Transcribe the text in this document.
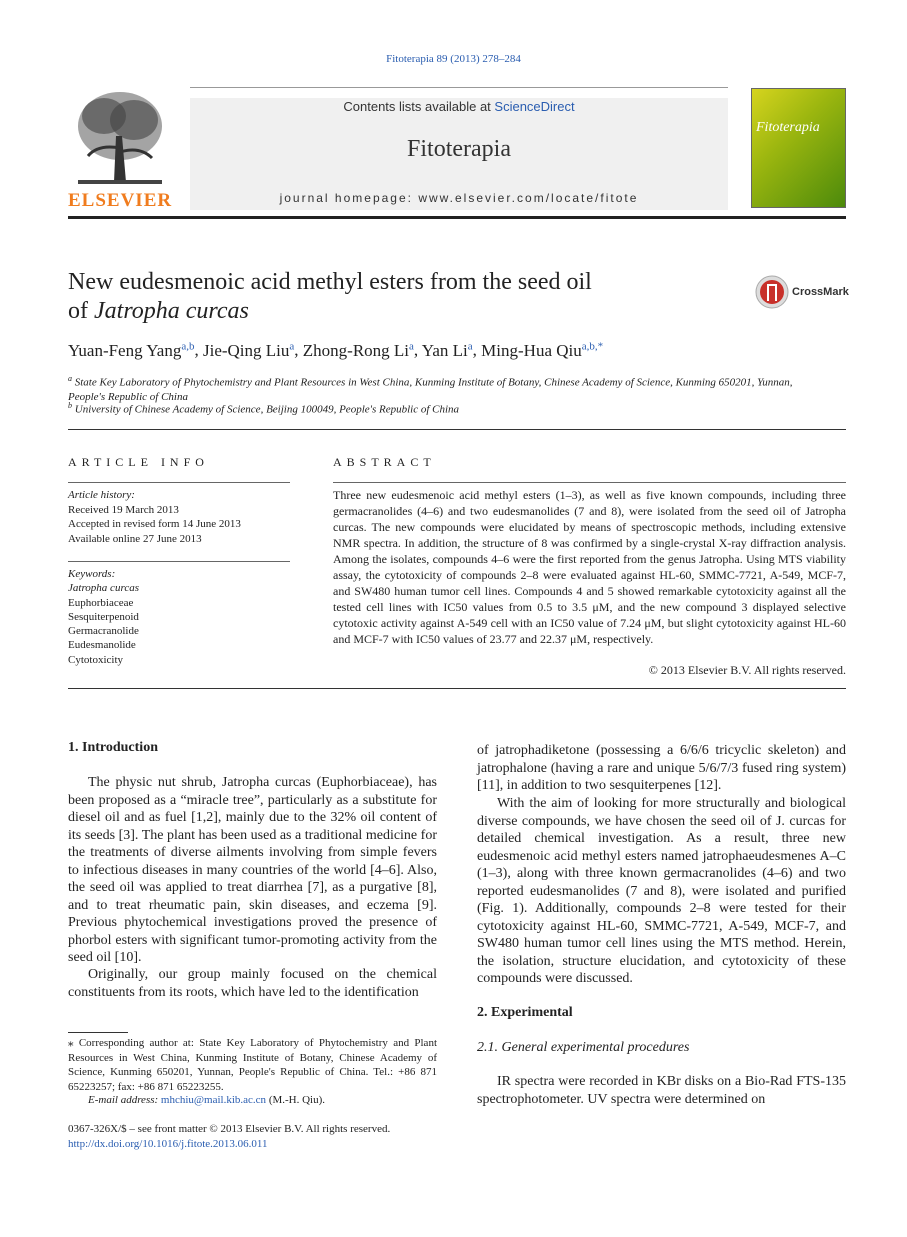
Fitoterapia 89 (2013) 278–284
ELSEVIER
Contents lists available at ScienceDirect
Fitoterapia
journal homepage: www.elsevier.com/locate/fitote
Fitoterapia
New eudesmenoic acid methyl esters from the seed oil
of Jatropha curcas
CrossMark
Yuan-Feng Yang$^{a,b}$, Jie-Qing Liu$^a$, Zhong-Rong Li$^a$, Yan Li$^a$, Ming-Hua Qiu$^{a,b,*}$
$^a$ State Key Laboratory of Phytochemistry and Plant Resources in West China, Kunming Institute of Botany, Chinese Academy of Science, Kunming 650201, Yunnan, People's Republic of China
$^b$ University of Chinese Academy of Science, Beijing 100049, People's Republic of China
ARTICLE INFO
Article history:
Received 19 March 2013
Accepted in revised form 14 June 2013
Available online 27 June 2013
Keywords:
Jatropha curcas
Euphorbiaceae
Sesquiterpenoid
Germacranolide
Eudesmanolide
Cytotoxicity
ABSTRACT
Three new eudesmenoic acid methyl esters (1–3), as well as five known compounds, including three germacranolides (4–6) and two eudesmanolides (7 and 8), were isolated from the seed oil of Jatropha curcas. The new compounds were elucidated by means of spectroscopic methods, including extensive NMR spectra. In addition, the structure of 8 was confirmed by a single-crystal X-ray diffraction analysis. Among the isolates, compounds 4–6 were the first reported from the genus Jatropha. Using MTS viability assay, the cytotoxicity of compounds 2–8 were evaluated against HL-60, SMMC-7721, A-549, MCF-7, and SW480 human tumor cell lines. Compounds 4 and 5 showed remarkable cytotoxicity against all the tested cell lines with IC50 values from 0.5 to 3.5 μM, and the new compound 3 displayed selective cytotoxic activity against A-549 cell with an IC50 value of 7.24 μM, but slight cytotoxicity against HL-60 and MCF-7 with IC50 values of 23.77 and 22.37 μM, respectively.
© 2013 Elsevier B.V. All rights reserved.
1. Introduction
The physic nut shrub, Jatropha curcas (Euphorbiaceae), has been proposed as a “miracle tree”, particularly as a substitute for diesel oil and as fuel [1,2], mainly due to the 32% oil content of its seeds [3]. The plant has been used as a traditional medicine for the treatments of diverse ailments involving from simple fevers to infectious diseases in many countries of the world [4–6]. Also, the seed oil was applied to treat diarrhea [7], as a purgative [8], and to treat rheumatic pain, skin diseases, and eczema [9]. Previous phytochemical investigations proved the presence of phorbol esters with significant tumor-promoting activity from the seed oil [10].
Originally, our group mainly focused on the chemical constituents from its roots, which have led to the identification
⁎ Corresponding author at: State Key Laboratory of Phytochemistry and Plant Resources in West China, Kunming Institute of Botany, Chinese Academy of Science, Kunming 650201, Yunnan, People's Republic of China. Tel.: +86 871 65223257; fax: +86 871 65223255.
E-mail address: mhchiu@mail.kib.ac.cn (M.-H. Qiu).
0367-326X/$ – see front matter © 2013 Elsevier B.V. All rights reserved.
http://dx.doi.org/10.1016/j.fitote.2013.06.011
of jatrophadiketone (possessing a 6/6/6 tricyclic skeleton) and jatrophalone (having a rare and unique 5/6/7/3 fused ring system) [11], in addition to two sesquiterpenes [12].
With the aim of looking for more structurally and biological diverse compounds, we have chosen the seed oil of J. curcas for detailed chemical investigation. As a result, three new eudesmenoic acid methyl esters named jatrophaeudesmenes A–C (1–3), along with three known germacranolides (4–6) and two reported eudesmanolides (7 and 8), were isolated and purified (Fig. 1). Additionally, compounds 2–8 were tested for their cytotoxicity against HL-60, SMMC-7721, A-549, MCF-7, and SW480 human tumor cell lines using the MTS method. Herein, the isolation, structure elucidation, and cytotoxicity of these compounds were discussed.
2. Experimental
2.1. General experimental procedures
IR spectra were recorded in KBr disks on a Bio-Rad FTS-135 spectrophotometer. UV spectra were determined on
